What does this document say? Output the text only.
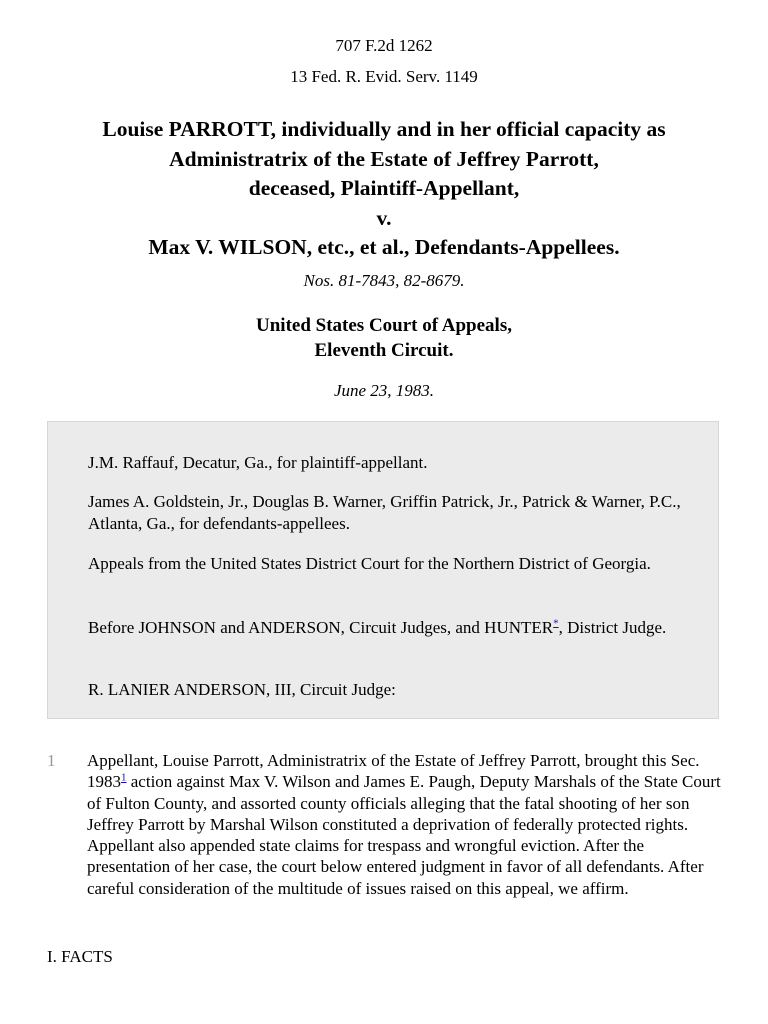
707 F.2d 1262
13 Fed. R. Evid. Serv. 1149
Louise PARROTT, individually and in her official capacity as
Administratrix of the Estate of Jeffrey Parrott,
deceased, Plaintiff-Appellant,
v.
Max V. WILSON, etc., et al., Defendants-Appellees.
Nos. 81-7843, 82-8679.
United States Court of Appeals,
Eleventh Circuit.
June 23, 1983.

J.M. Raffauf, Decatur, Ga., for plaintiff-appellant.

James A. Goldstein, Jr., Douglas B. Warner, Griffin Patrick, Jr., Patrick & Warner, P.C., Atlanta, Ga., for defendants-appellees.

Appeals from the United States District Court for the Northern District of Georgia.

Before JOHNSON and ANDERSON, Circuit Judges, and HUNTER*, District Judge.

R. LANIER ANDERSON, III, Circuit Judge:

1 Appellant, Louise Parrott, Administratrix of the Estate of Jeffrey Parrott, brought this Sec. 1983$^1$ action against Max V. Wilson and James E. Paugh, Deputy Marshals of the State Court of Fulton County, and assorted county officials alleging that the fatal shooting of her son Jeffrey Parrott by Marshal Wilson constituted a deprivation of federally protected rights. Appellant also appended state claims for trespass and wrongful eviction. After the presentation of her case, the court below entered judgment in favor of all defendants. After careful consideration of the multitude of issues raised on this appeal, we affirm.

I. FACTS
